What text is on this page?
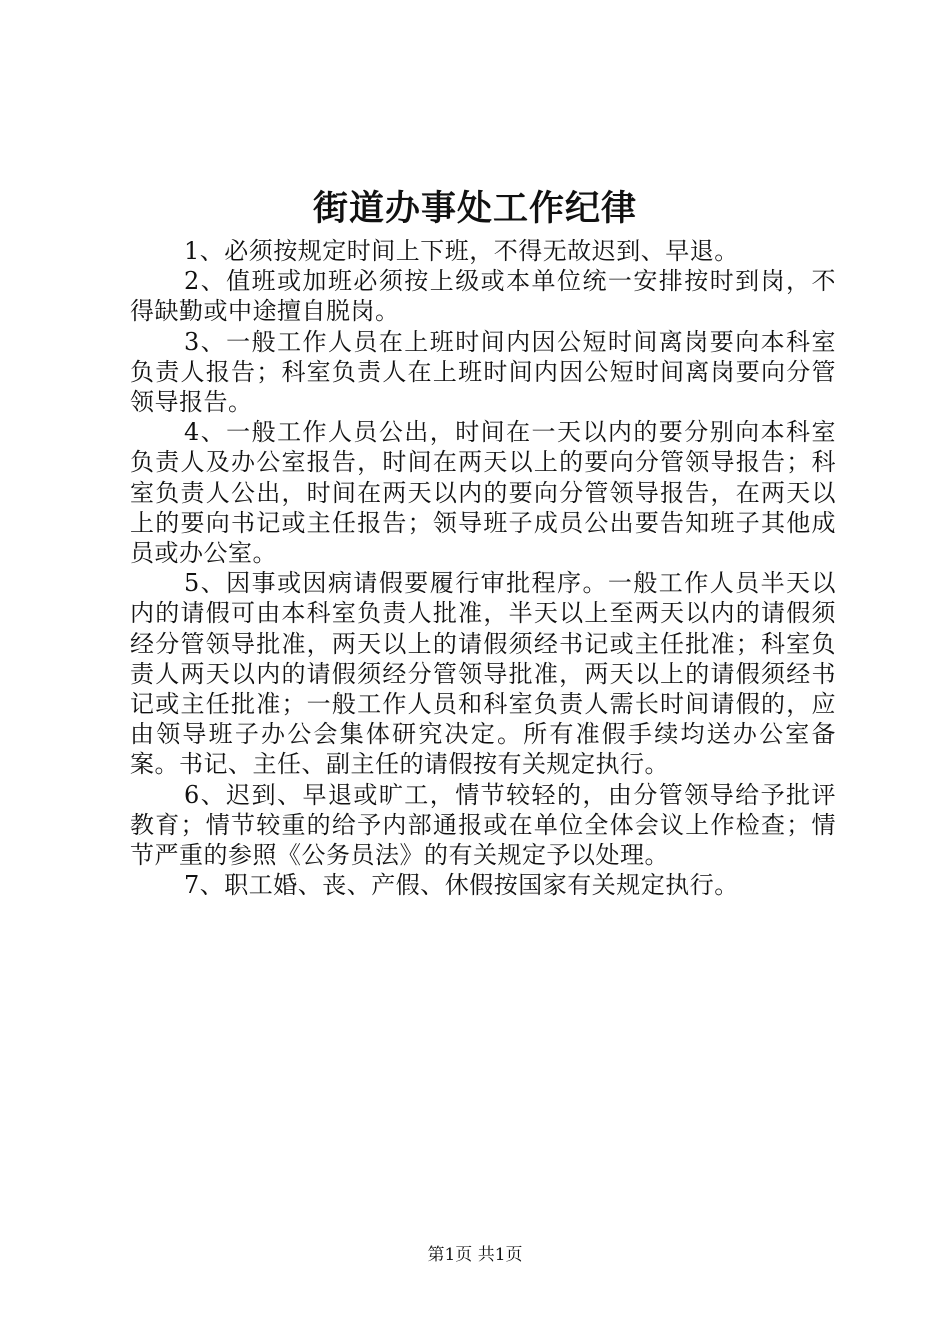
街道办事处工作纪律

1、必须按规定时间上下班，不得无故迟到、早退。

2、值班或加班必须按上级或本单位统一安排按时到岗，不得缺勤或中途擅自脱岗。

3、一般工作人员在上班时间内因公短时间离岗要向本科室负责人报告；科室负责人在上班时间内因公短时间离岗要向分管领导报告。

4、一般工作人员公出，时间在一天以内的要分别向本科室负责人及办公室报告，时间在两天以上的要向分管领导报告；科室负责人公出，时间在两天以内的要向分管领导报告，在两天以上的要向书记或主任报告；领导班子成员公出要告知班子其他成员或办公室。

5、因事或因病请假要履行审批程序。一般工作人员半天以内的请假可由本科室负责人批准，半天以上至两天以内的请假须经分管领导批准，两天以上的请假须经书记或主任批准；科室负责人两天以内的请假须经分管领导批准，两天以上的请假须经书记或主任批准；一般工作人员和科室负责人需长时间请假的，应由领导班子办公会集体研究决定。所有准假手续均送办公室备案。书记、主任、副主任的请假按有关规定执行。

6、迟到、早退或旷工，情节较轻的，由分管领导给予批评教育；情节较重的给予内部通报或在单位全体会议上作检查；情节严重的参照《公务员法》的有关规定予以处理。

7、职工婚、丧、产假、休假按国家有关规定执行。

第1页 共1页
